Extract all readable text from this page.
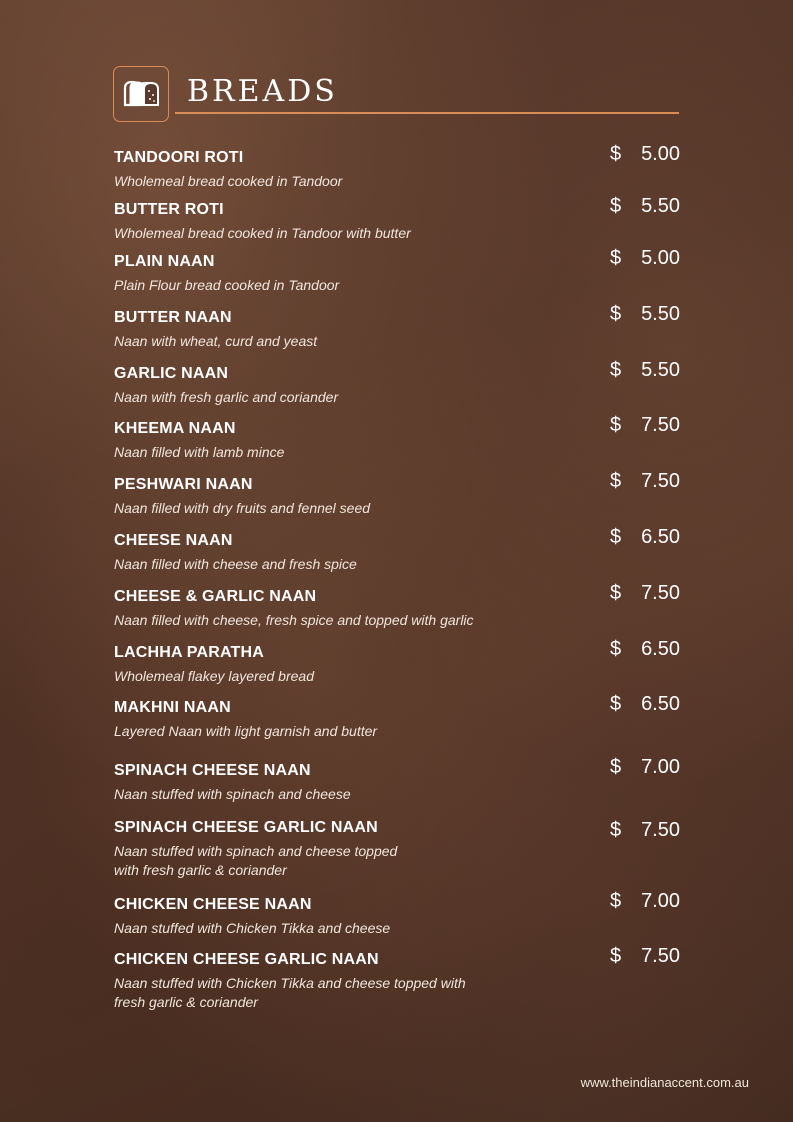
BREADS
TANDOORI ROTI
Wholemeal bread cooked in Tandoor
$ 5.00
BUTTER ROTI
Wholemeal bread cooked in Tandoor with butter
$ 5.50
PLAIN NAAN
Plain Flour bread cooked in Tandoor
$ 5.00
BUTTER NAAN
Naan with wheat, curd and yeast
$ 5.50
GARLIC NAAN
Naan with fresh garlic and coriander
$ 5.50
KHEEMA NAAN
Naan filled with lamb mince
$ 7.50
PESHWARI NAAN
Naan filled with dry fruits and fennel seed
$ 7.50
CHEESE NAAN
Naan filled with cheese and fresh spice
$ 6.50
CHEESE & GARLIC NAAN
Naan filled with cheese, fresh spice and topped with garlic
$ 7.50
LACHHA PARATHA
Wholemeal flakey layered bread
$ 6.50
MAKHNI NAAN
Layered Naan with light garnish and butter
$ 6.50
SPINACH CHEESE NAAN
Naan stuffed with spinach and cheese
$ 7.00
SPINACH CHEESE GARLIC NAAN
Naan stuffed with spinach and cheese topped
with fresh garlic & coriander
$ 7.50
CHICKEN CHEESE NAAN
Naan stuffed with Chicken Tikka and cheese
$ 7.00
CHICKEN CHEESE GARLIC NAAN
Naan stuffed with Chicken Tikka and cheese topped with
fresh garlic & coriander
$ 7.50
www.theindianaccent.com.au
